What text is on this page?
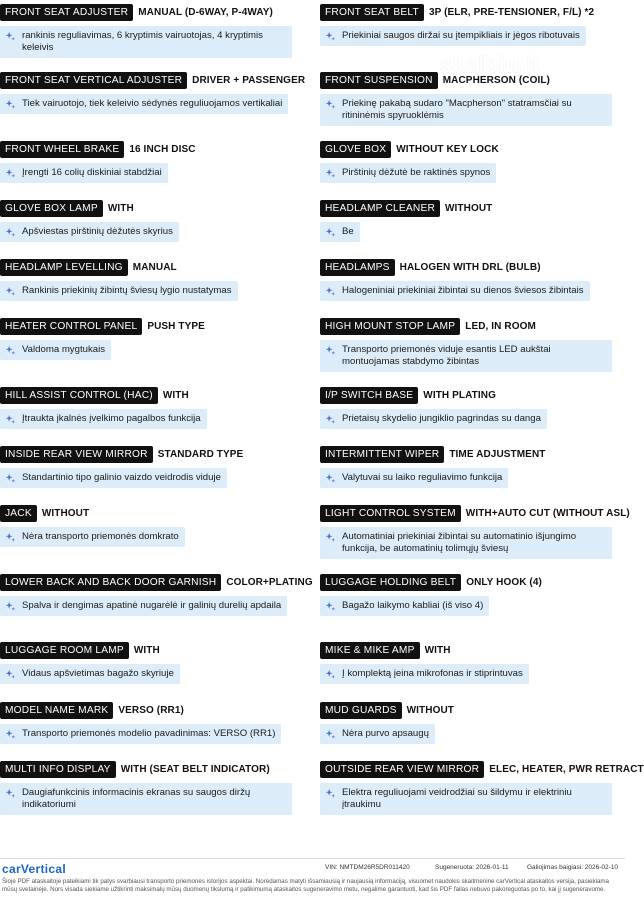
FRONT SEAT ADJUSTER	MANUAL (D-6WAY, P-4WAY)
rankinis reguliavimas, 6 kryptimis vairuotojas, 4 kryptimis keleivis
FRONT SEAT VERTICAL ADJUSTER	DRIVER + PASSENGER
Tiek vairuotojo, tiek keleivio sėdynės reguliuojamos vertikaliai
FRONT WHEEL BRAKE	16 INCH DISC
Įrengti 16 colių diskiniai stabdžiai
GLOVE BOX LAMP	WITH
Apšviestas pirštinių dėžutės skyrius
HEADLAMP LEVELLING	MANUAL
Rankinis priekinių žibintų šviesų lygio nustatymas
HEATER CONTROL PANEL	PUSH TYPE
Valdoma mygtukais
HILL ASSIST CONTROL (HAC)	WITH
Įtraukta įkalnės įvelkimo pagalbos funkcija
INSIDE REAR VIEW MIRROR	STANDARD TYPE
Standartinio tipo galinio vaizdo veidrodis viduje
JACK	WITHOUT
Nėra transporto priemonės domkrato
LOWER BACK AND BACK DOOR GARNISH	COLOR+PLATING
Spalva ir dengimas apatinė nugarėlė ir galinių durelių apdaila
LUGGAGE ROOM LAMP	WITH
Vidaus apšvietimas bagažo skyriuje
MODEL NAME MARK	VERSO (RR1)
Transporto priemonės modelio pavadinimas: VERSO (RR1)
MULTI INFO DISPLAY	WITH (SEAT BELT INDICATOR)
Daugiafunkcinis informacinis ekranas su saugos diržų indikatoriumi
FRONT SEAT BELT	3P (ELR, PRE-TENSIONER, F/L) *2
Priekiniai saugos diržai su įtempikliais ir jėgos ribotuvais
FRONT SUSPENSION	MACPHERSON (COIL)
Priekinę pakabą sudaro "Macpherson" statramsčiai su ritininėmis spyruoklėmis
GLOVE BOX	WITHOUT KEY LOCK
Pirštinių dėžutė be raktinės spynos
HEADLAMP CLEANER	WITHOUT
Be
HEADLAMPS	HALOGEN WITH DRL (BULB)
Halogeniniai priekiniai žibintai su dienos šviesos žibintais
HIGH MOUNT STOP LAMP	LED, IN ROOM
Transporto priemonės viduje esantis LED aukštai montuojamas stabdymo žibintas
I/P SWITCH BASE	WITH PLATING
Prietaisų skydelio jungiklio pagrindas su danga
INTERMITTENT WIPER	TIME ADJUSTMENT
Valytuvai su laiko reguliavimo funkcija
LIGHT CONTROL SYSTEM	WITH+AUTO CUT (WITHOUT ASL)
Automatiniai priekiniai žibintai su automatinio išjungimo funkcija, be automatinių tolimųjų šviesų
LUGGAGE HOLDING BELT	ONLY HOOK (4)
Bagažo laikymo kabliai (iš viso 4)
MIKE & MIKE AMP	WITH
Į komplektą įeina mikrofonas ir stiprintuvas
MUD GUARDS	WITHOUT
Nėra purvo apsaugų
OUTSIDE REAR VIEW MIRROR	ELEC, HEATER, PWR RETRACT
Elektra reguliuojami veidrodžiai su šildymu ir elektriniu įtraukimu
skelbiu.lt
carVertical	VIN: NMTDM26R5DR011420	Sugeneruota: 2026-01-11	Galiojimas baigiasi: 2026-02-10
Šioje PDF ataskaitoje pateikiami tik patys svarbiausi transporto priemonės istorijos aspektai. Norėdamas matyti išsamiausią ir naujausią informaciją, visuomet naudokis skaitmenine carVertical ataskaitos versija, pasiekiama mūsų svetainėje. Nors visada siekiame užtikrinti maksimalų mūsų duomenų tikslumą ir patikimumą ataskaitos sugeneravimo metu, negalime garantuoti, kad šis PDF failas nebuvo pakoreguotas po to, kai jį sugeneravome.
